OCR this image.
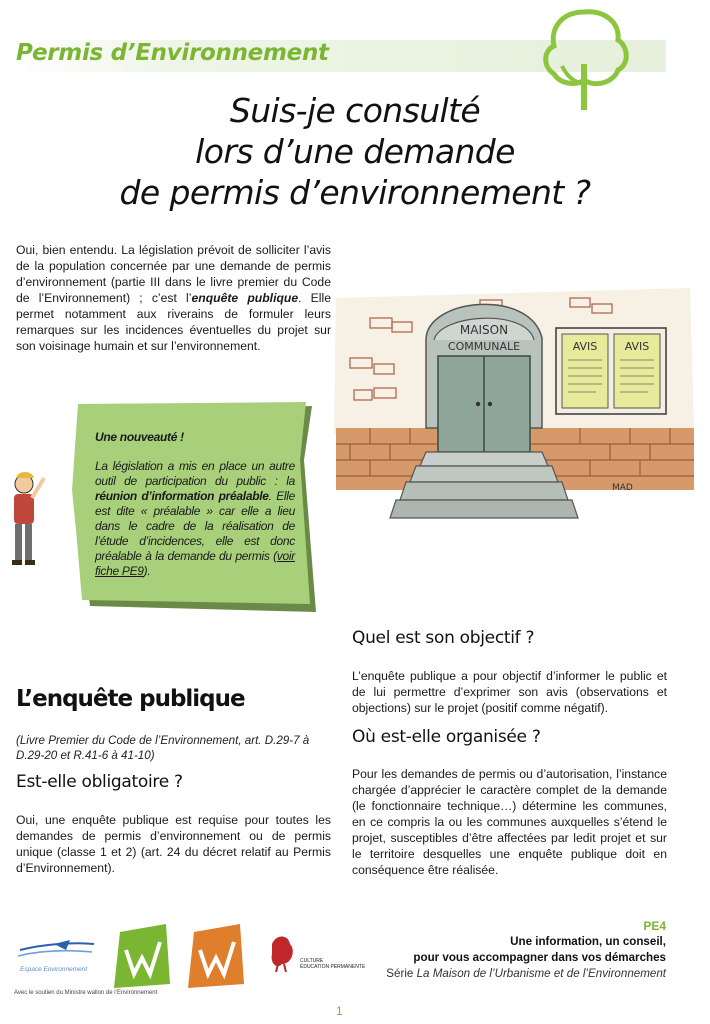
Permis d’Environnement
Suis-je consulté
lors d’une demande
de permis d’environnement ?
Oui, bien entendu. La législation prévoit de solliciter l’avis de la population concernée par une demande de permis d’environnement (partie III dans le livre premier du Code de l’Environnement) ; c’est l’enquête publique. Elle permet notamment aux riverains de formuler leurs remarques sur les incidences éventuelles du projet sur son voisinage humain et sur l’environnement.
MAISON
COMMUNALE	AVIS AVIS
MAD
Une nouveauté !
La législation a mis en place un autre outil de participation du public : la réunion d’information préalable. Elle est dite « préalable » car elle a lieu dans le cadre de la réalisation de l’étude d’incidences, elle est donc préalable à la demande du permis (voir fiche PE9).
L’enquête publique
(Livre Premier du Code de l’Environnement, art. D.29-7 à D.29-20 et R.41-6 à 41-10)
Est-elle obligatoire ?
Oui, une enquête publique est requise pour toutes les demandes de permis d’environnement ou de permis unique (classe 1 et 2) (art. 24 du décret relatif au Permis d’Environnement).
Quel est son objectif ?
L’enquête publique a pour objectif d’informer le public et de lui permettre d’exprimer son avis (observations et objections) sur le projet (positif comme négatif).
Où est-elle organisée ?
Pour les demandes de permis ou d’autorisation, l’instance chargée d’apprécier le caractère complet de la demande (le fonctionnaire technique…) détermine les communes, en ce compris la ou les communes auxquelles s’étend le projet, susceptibles d’être affectées par ledit projet et sur le territoire desquelles une enquête publique doit en conséquence être réalisée.
Espace Environnement
CULTURE
ÉDUCATION PERMANENTE
Avec le soutien du Ministre wallon de l’Environnement
PE4
Une information, un conseil,
pour vous accompagner dans vos démarches
Série La Maison de l’Urbanisme et de l’Environnement
1
